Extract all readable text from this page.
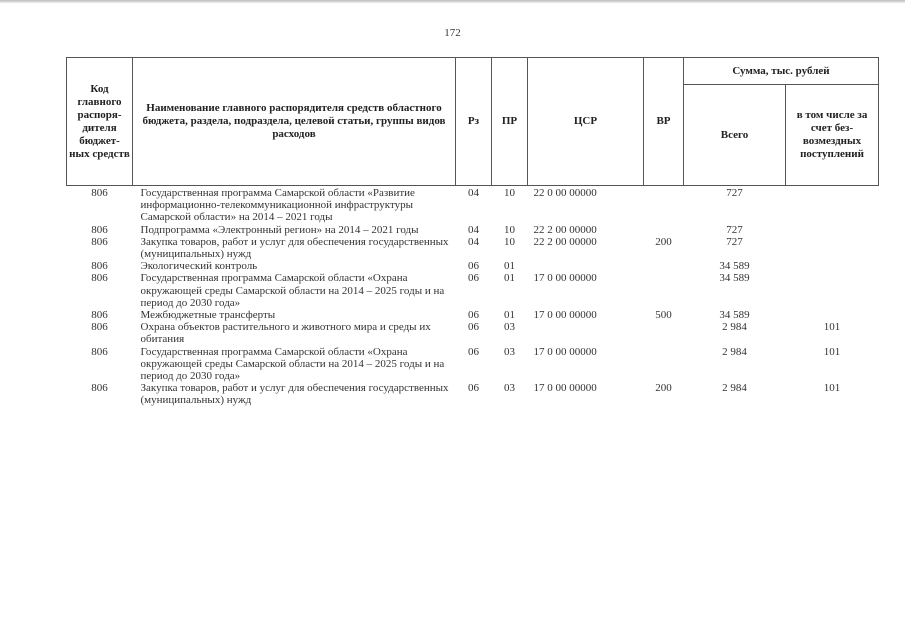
172
Код главного распоря-дителя бюджет-ных средств	Наименование главного распорядителя средств областного бюджета, раздела, подраздела, целевой статьи, группы видов расходов	Рз	ПР	ЦСР	ВР	Сумма, тыс. рублей	
						Всего	в том числе за счет без-возмездных поступлений
806	Государственная программа Самарской области «Развитие информационно-телекоммуникационной инфраструктуры Самарской области» на 2014 – 2021 годы	04	10	22 0 00 00000		727	
806	Подпрограмма «Электронный регион» на 2014 – 2021 годы	04	10	22 2 00 00000		727	
806	Закупка товаров, работ и услуг для обеспечения государственных (муниципальных) нужд	04	10	22 2 00 00000	200	727	
806	Экологический контроль	06	01			34 589	
806	Государственная программа Самарской области «Охрана окружающей среды Самарской области на 2014 – 2025 годы и на период до 2030 года»	06	01	17 0 00 00000		34 589	
806	Межбюджетные трансферты	06	01	17 0 00 00000	500	34 589	
806	Охрана объектов растительного и животного мира и среды их обитания	06	03			2 984	101
806	Государственная программа Самарской области «Охрана окружающей среды Самарской области на 2014 – 2025 годы и на период до 2030 года»	06	03	17 0 00 00000		2 984	101
806	Закупка товаров, работ и услуг для обеспечения государственных (муниципальных) нужд	06	03	17 0 00 00000	200	2 984	101
